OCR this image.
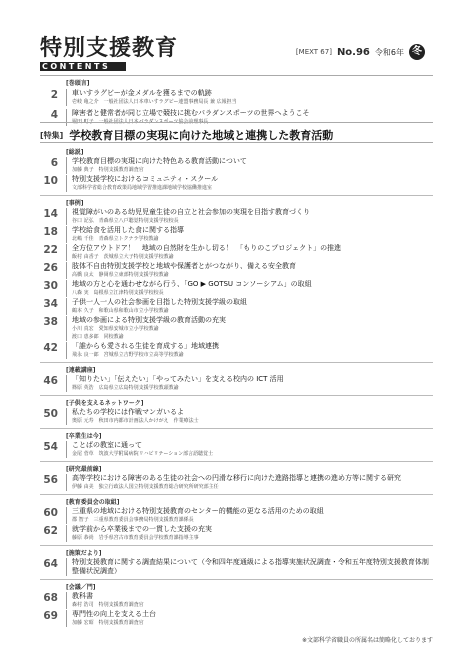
特別支援教育
CONTENTS
[MEXT 67] No.96 令和6年 冬
[巻頭言]
2	車いすラグビーが金メダルを獲るまでの軌跡
壱岐 亀之介　一般社団法人日本車いすラグビー連盟事務局長 兼 広報担当
4	障害者と健常者が同じ立場で競技に挑むパラダンスポーツの世界へようこそ
[特集] 学校教育目標の実現に向けた地域と連携した教育活動
[総説]
6	学校教育目標の実現に向けた特色ある教育活動について
加藤 典子　特別支援教育調査官
10	特別支援学校におけるコミュニティ・スクール
文部科学省総合教育政策局地域学習推進課地域学校協働推進室
[事例]
14	視覚障がいのある幼児児童生徒の自立と社会参加の実現を目指す教育づくり
谷口 記弘　青森県立八戸聴覚特別支援学校校長
18	学校給食を活用した食に関する指導
北嶋 千佳　青森県立トクナラ学校教諭
22	全方位アウトドア！　地域の自然財を生かし切る！　「もりのこプロジェクト」の推進
飯村 由香子　茨城県立大子特別支援学校教諭
26	肢体不自由特別支援学校と地域や保護者とがつながり、備える安全教育
高橋 良太　静岡県立東部特別支援学校教諭
30	地域の方と心を通わせながら行う、「GO ▶ GOTSU コンソーシアム」の取組
八森 実　島根県立江津特別支援学校校長
34	子供一人一人の社会参画を目指した特別支援学級の取組
鶴本 久子　和歌山県和歌山市立小学校教諭
38	地域の参画による特別支援学級の教育活動の充実
小川 真宏　愛知県安城市立小学校教諭
渡口 恵多郎　同校教諭
42	「誰からも愛される生徒を育成する」地域連携
飛永 良一郎　宮城県立吉野学校市立高等学校教諭
[連載講座]
46	「知りたい」「伝えたい」「やってみたい」を支える校内の ICT 活用
篠原 英浩　広島県立広島特別支援学校教頭教諭
[子供を支えるネットワーク]
50	私たちの学校には作戦マンガいるよ
奥原 元寿　秋田市内都市計画法人かけがえ　作業療法士
[卒業生は今]
54	ことばの教室に通って
金尾 菅草　筑波大学附属病院リハビリテーション部言語聴覚士
[研究最前線]
56	高等学校における障害のある生徒の社会への円滑な移行に向けた進路指導と連携の進め方等に関する研究
伊藤 由美　独立行政法人国立特別支援教育総合研究所研究部主任
[教育委員会の取組]
60	三重県の地域における特別支援教育のセンター的機能の更なる活用のための取組
郡 智子　三重県教育委員会事務局特別支援教育課係長
62	就学前から卒業後までの一貫した支援の充実
藤原 恭尚　岩手県宮古市教育委員会学校教育課指導主事
[施策だより]
64	特別支援教育に関する調査結果について（令和四年度通級による指導実施状況調査・令和五年度特別支援教育体制整備状況調査）
[会議／門]
68	教科書
森村 浩司　特別支援教育調査官
69	専門性の向上を支える土台
加藤 宏昭　特別支援教育調査官
※文部科学省職員の所属名は簡略化しております
